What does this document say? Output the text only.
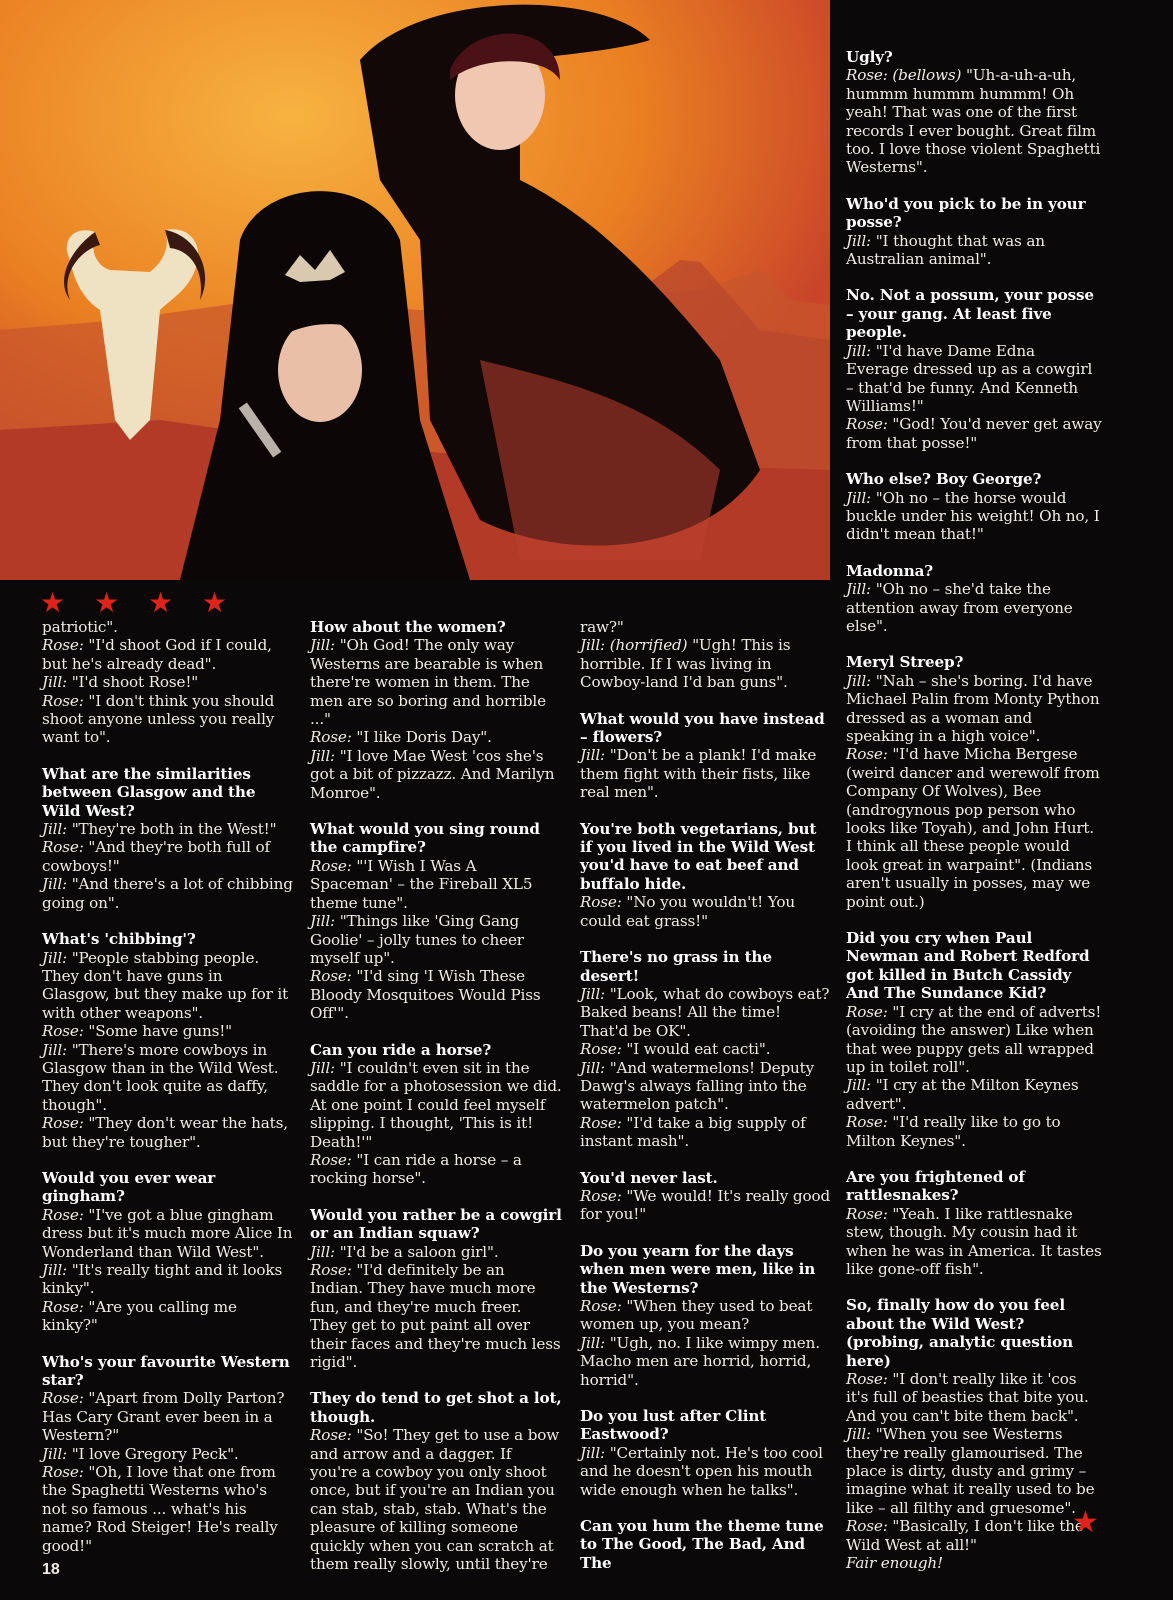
★ ★ ★ ★

patriotic".
Rose: "I'd shoot God if I could, but he's already dead".
Jill: "I'd shoot Rose!"
Rose: "I don't think you should shoot anyone unless you really want to".

What are the similarities between Glasgow and the Wild West?
Jill: "They're both in the West!"
Rose: "And they're both full of cowboys!"
Jill: "And there's a lot of chibbing going on".

What's 'chibbing'?
Jill: "People stabbing people. They don't have guns in Glasgow, but they make up for it with other weapons".
Rose: "Some have guns!"
Jill: "There's more cowboys in Glasgow than in the Wild West. They don't look quite as daffy, though".
Rose: "They don't wear the hats, but they're tougher".

Would you ever wear gingham?
Rose: "I've got a blue gingham dress but it's much more Alice In Wonderland than Wild West".
Jill: "It's really tight and it looks kinky".
Rose: "Are you calling me kinky?"

Who's your favourite Western star?
Rose: "Apart from Dolly Parton? Has Cary Grant ever been in a Western?"
Jill: "I love Gregory Peck".
Rose: "Oh, I love that one from the Spaghetti Westerns who's not so famous ... what's his name? Rod Steiger! He's really good!"

How about the women?
Jill: "Oh God! The only way Westerns are bearable is when there're women in them. The men are so boring and horrible ..."
Rose: "I like Doris Day".
Jill: "I love Mae West 'cos she's got a bit of pizzazz. And Marilyn Monroe".

What would you sing round the campfire?
Rose: "'I Wish I Was A Spaceman' – the Fireball XL5 theme tune".
Jill: "Things like 'Ging Gang Goolie' – jolly tunes to cheer myself up".
Rose: "I'd sing 'I Wish These Bloody Mosquitoes Would Piss Off'".

Can you ride a horse?
Jill: "I couldn't even sit in the saddle for a photosession we did. At one point I could feel myself slipping. I thought, 'This is it! Death!'"
Rose: "I can ride a horse – a rocking horse".

Would you rather be a cowgirl or an Indian squaw?
Jill: "I'd be a saloon girl".
Rose: "I'd definitely be an Indian. They have much more fun, and they're much freer. They get to put paint all over their faces and they're much less rigid".

They do tend to get shot a lot, though.
Rose: "So! They get to use a bow and arrow and a dagger. If you're a cowboy you only shoot once, but if you're an Indian you can stab, stab, stab. What's the pleasure of killing someone quickly when you can scratch at them really slowly, until they're

raw?"
Jill: (horrified) "Ugh! This is horrible. If I was living in Cowboy-land I'd ban guns".

What would you have instead – flowers?
Jill: "Don't be a plank! I'd make them fight with their fists, like real men".

You're both vegetarians, but if you lived in the Wild West you'd have to eat beef and buffalo hide.
Rose: "No you wouldn't! You could eat grass!"

There's no grass in the desert!
Jill: "Look, what do cowboys eat? Baked beans! All the time! That'd be OK".
Rose: "I would eat cacti".
Jill: "And watermelons! Deputy Dawg's always falling into the watermelon patch".
Rose: "I'd take a big supply of instant mash".

You'd never last.
Rose: "We would! It's really good for you!"

Do you yearn for the days when men were men, like in the Westerns?
Rose: "When they used to beat women up, you mean?
Jill: "Ugh, no. I like wimpy men. Macho men are horrid, horrid, horrid".

Do you lust after Clint Eastwood?
Jill: "Certainly not. He's too cool and he doesn't open his mouth wide enough when he talks".

Can you hum the theme tune to The Good, The Bad, And The

Ugly?
Rose: (bellows) "Uh-a-uh-a-uh, hummm hummm hummm! Oh yeah! That was one of the first records I ever bought. Great film too. I love those violent Spaghetti Westerns".

Who'd you pick to be in your posse?
Jill: "I thought that was an Australian animal".

No. Not a possum, your posse – your gang. At least five people.
Jill: "I'd have Dame Edna Everage dressed up as a cowgirl – that'd be funny. And Kenneth Williams!"
Rose: "God! You'd never get away from that posse!"

Who else? Boy George?
Jill: "Oh no – the horse would buckle under his weight! Oh no, I didn't mean that!"

Madonna?
Jill: "Oh no – she'd take the attention away from everyone else".

Meryl Streep?
Jill: "Nah – she's boring. I'd have Michael Palin from Monty Python dressed as a woman and speaking in a high voice".
Rose: "I'd have Micha Bergese (weird dancer and werewolf from Company Of Wolves), Bee (androgynous pop person who looks like Toyah), and John Hurt. I think all these people would look great in warpaint". (Indians aren't usually in posses, may we point out.)

Did you cry when Paul Newman and Robert Redford got killed in Butch Cassidy And The Sundance Kid?
Rose: "I cry at the end of adverts! (avoiding the answer) Like when that wee puppy gets all wrapped up in toilet roll".
Jill: "I cry at the Milton Keynes advert".
Rose: "I'd really like to go to Milton Keynes".

Are you frightened of rattlesnakes?
Rose: "Yeah. I like rattlesnake stew, though. My cousin had it when he was in America. It tastes like gone-off fish".

So, finally how do you feel about the Wild West? (probing, analytic question here)
Rose: "I don't really like it 'cos it's full of beasties that bite you. And you can't bite them back".
Jill: "When you see Westerns they're really glamourised. The place is dirty, dusty and grimy – imagine what it really used to be like – all filthy and gruesome".
Rose: "Basically, I don't like the Wild West at all!"
Fair enough!

18
★
